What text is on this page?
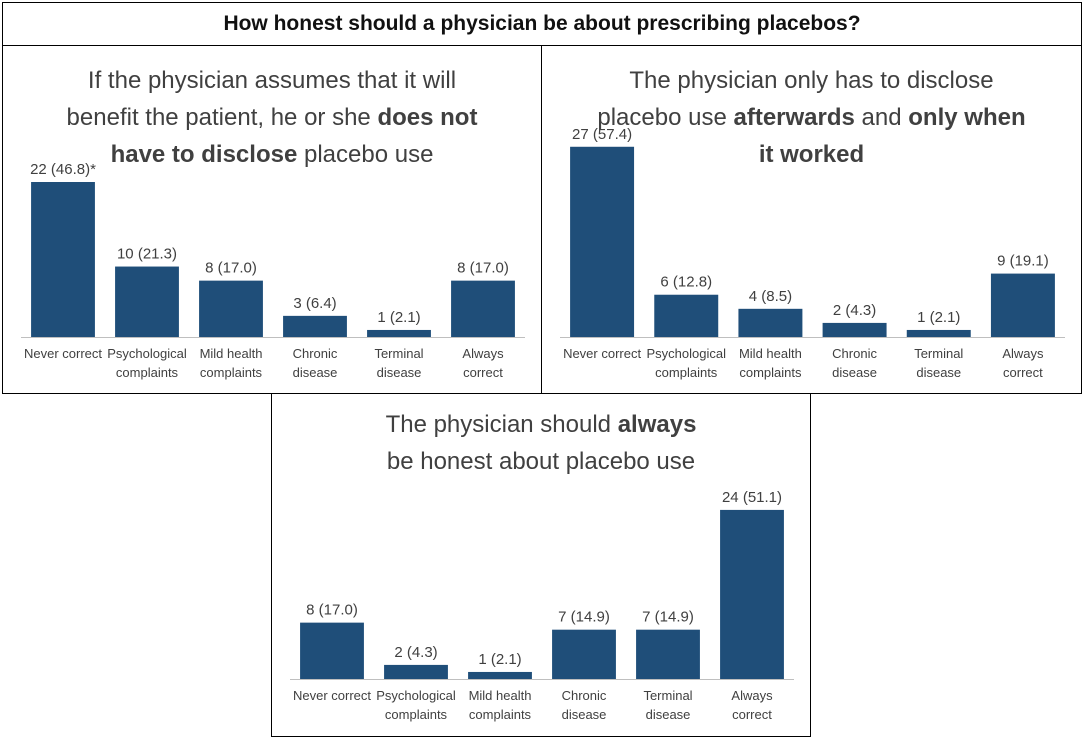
How honest should a physician be about prescribing placebos?
If the physician assumes that it will benefit the patient, he or she does not have to disclose placebo use
22 (46.8)*
Never correct
10 (21.3)
Psychological
complaints
8 (17.0)
Mild health
complaints
3 (6.4)
Chronic
disease
1 (2.1)
Terminal
disease
8 (17.0)
Always
correct
The physician only has to disclose placebo use afterwards and only when it worked
27 (57.4)
Never correct
6 (12.8)
Psychological
complaints
4 (8.5)
Mild health
complaints
2 (4.3)
Chronic
disease
1 (2.1)
Terminal
disease
9 (19.1)
Always
correct
The physician should always be honest about placebo use
8 (17.0)
Never correct
2 (4.3)
Psychological
complaints
1 (2.1)
Mild health
complaints
7 (14.9)
Chronic
disease
7 (14.9)
Terminal
disease
24 (51.1)
Always
correct
